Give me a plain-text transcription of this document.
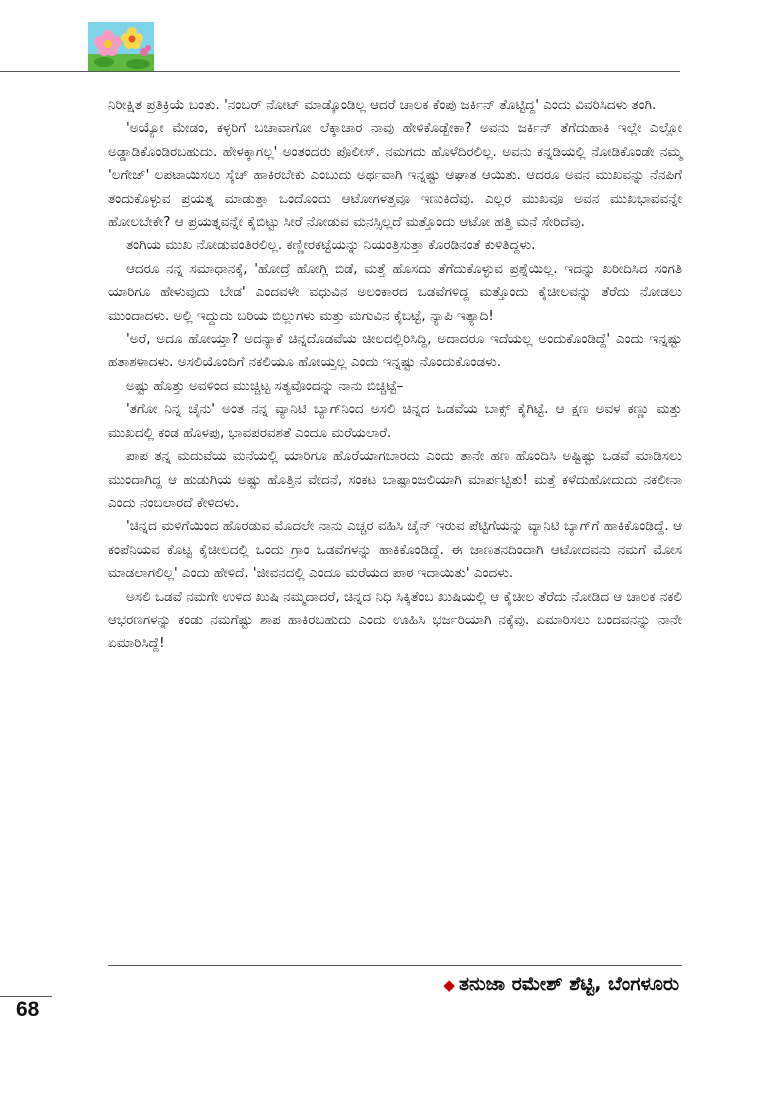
ನಿರೀಕ್ಷಿತ ಪ್ರತಿಕ್ರಿಯೆ ಬಂತು. 'ನಂಬರ್ ನೋಟ್ ಮಾಡ್ಕೊಂಡಿಲ್ಲ ಆದರೆ ಚಾಲಕ ಕೆಂಪು ಜರ್ಕಿನ್ ತೊಟ್ಟಿದ್ದ' ಎಂದು ವಿವರಿಸಿದಳು ತಂಗಿ.

'ಅಯ್ಯೋ ಮೇಡಂ, ಕಳ್ಳರಿಗೆ ಬಚಾವಾಗೋ ಲೆಕ್ಕಾಚಾರ ನಾವು ಹೇಳಿಕೊಡ್ಬೇಕಾ? ಅವನು ಜರ್ಕಿನ್ ತೆಗೆದುಹಾಕಿ ಇಲ್ಲೇ ಎಲ್ಲೋ ಅಡ್ಡಾಡಿಕೊಂಡಿರಬಹುದು. ಹೇಳಕ್ಕಾಗಲ್ಲ' ಅಂತಂದರು ಪೊಲೀಸ್. ನಮಗದು ಹೊಳೆದಿರಲಿಲ್ಲ. ಅವನು ಕನ್ನಡಿಯಲ್ಲಿ ನೋಡಿಕೊಂಡೇ ನಮ್ಮ 'ಲಗೇಜ್' ಲಪಟಾಯಿಸಲು ಸ್ಕೆಚ್ ಹಾಕಿರಬೇಕು ಎಂಬುದು ಅರ್ಥವಾಗಿ ಇನ್ನಷ್ಟು ಆಘಾತ ಆಯಿತು. ಆದರೂ ಅವನ ಮುಖವನ್ನು ನೆನಪಿಗೆ ತಂದುಕೊಳ್ಳುವ ಪ್ರಯತ್ನ ಮಾಡುತ್ತಾ ಒಂದೊಂದು ಆಟೋಗಳತ್ತವೂ ಇಣುಕಿದೆವು. ಎಲ್ಲರ ಮುಖವೂ ಅವನ ಮುಖಭಾವವನ್ನೇ ಹೋಲಬೇಕೇ? ಆ ಪ್ರಯತ್ನವನ್ನೇ ಕೈಬಿಟ್ಟು ಸೀರೆ ನೋಡುವ ಮನಸ್ಸಿಲ್ಲದೆ ಮತ್ತೊಂದು ಆಟೋ ಹತ್ತಿ ಮನೆ ಸೇರಿದೆವು.

ತಂಗಿಯ ಮುಖ ನೋಡುವಂತಿರಲಿಲ್ಲ. ಕಣ್ಣೀರಕಟ್ಟೆಯನ್ನು ನಿಯಂತ್ರಿಸುತ್ತಾ ಕೊರಡಿನಂತೆ ಕುಳಿತಿದ್ದಳು.

ಆದರೂ ನನ್ನ ಸಮಾಧಾನಕ್ಕೆ, 'ಹೋದ್ರೆ ಹೋಗ್ಲಿ ಬಿಡೆ, ಮತ್ತೆ ಹೊಸದು ತೆಗೆದುಕೊಳ್ಳುವ ಪ್ರಶ್ನೆಯಿಲ್ಲ. ಇದನ್ನು ಖರೀದಿಸಿದ ಸಂಗತಿ ಯಾರಿಗೂ ಹೇಳುವುದು ಬೇಡ' ಎಂದವಳೇ ವಧುವಿನ ಅಲಂಕಾರದ ಒಡವೆಗಳಿದ್ದ ಮತ್ತೊಂದು ಕೈಚೀಲವನ್ನು ತೆರೆದು ನೋಡಲು ಮುಂದಾದಳು. ಅಲ್ಲಿ ಇದ್ದುದು ಬರಿಯ ಬಿಲ್ಲುಗಳು ಮತ್ತು ಮಗುವಿನ ಕೈಬಟ್ಟೆ, ನ್ಯಾಪಿ ಇತ್ಯಾದಿ!

'ಅರೆ, ಅದೂ ಹೋಯ್ತಾ? ಅದನ್ಯಾಕೆ ಚಿನ್ನದೊಡವೆಯ ಚೀಲದಲ್ಲಿರಿಸಿದ್ದಿ, ಅದಾದರೂ ಇದೆಯಲ್ಲ ಅಂದುಕೊಂಡಿದ್ದೆ' ಎಂದು ಇನ್ನಷ್ಟು ಹತಾಶಳಾದಳು. ಅಸಲಿಯೊಂದಿಗೆ ನಕಲಿಯೂ ಹೋಯ್ತಲ್ಲ ಎಂದು ಇನ್ನಷ್ಟು ನೊಂದುಕೊಂಡಳು.

ಅಷ್ಟು ಹೊತ್ತು ಅವಳಿಂದ ಮುಚ್ಚಿಟ್ಟ ಸತ್ಯವೊಂದನ್ನು ನಾನು ಬಿಚ್ಚಿಟ್ಟೆ–

'ತಗೋ ನಿನ್ನ ಚೈನು' ಅಂತ ನನ್ನ ವ್ಯಾನಿಟಿ ಬ್ಯಾಗ್‌ನಿಂದ ಅಸಲಿ ಚಿನ್ನದ ಒಡವೆಯ ಬಾಕ್ಸ್ ಕೈಗಿಟ್ಟೆ. ಆ ಕ್ಷಣ ಅವಳ ಕಣ್ಣು ಮತ್ತು ಮುಖದಲ್ಲಿ ಕಂಡ ಹೊಳಪು, ಭಾವಪರವಶತೆ ಎಂದೂ ಮರೆಯಲಾರೆ.

ಪಾಪ ತನ್ನ ಮದುವೆಯ ಮನೆಯಲ್ಲಿ ಯಾರಿಗೂ ಹೊರೆಯಾಗಬಾರದು ಎಂದು ತಾನೇ ಹಣ ಹೊಂದಿಸಿ ಅಷ್ಟಿಷ್ಟು ಒಡವೆ ಮಾಡಿಸಲು ಮುಂದಾಗಿದ್ದ ಆ ಹುಡುಗಿಯ ಅಷ್ಟು ಹೊತ್ತಿನ ವೇದನೆ, ಸಂಕಟ ಬಾಷ್ಪಾಂಜಲಿಯಾಗಿ ಮಾರ್ಪಟ್ಟಿತು! ಮತ್ತೆ ಕಳೆದುಹೋದುದು ನಕಲೀನಾ ಎಂದು ನಂಬಲಾರದೆ ಕೇಳಿದಳು.

'ಚಿನ್ನದ ಮಳಿಗೆಯಿಂದ ಹೊರಡುವ ಮೊದಲೇ ನಾನು ಎಚ್ಚರ ವಹಿಸಿ ಚೈನ್ ಇರುವ ಪೆಟ್ಟಿಗೆಯನ್ನು ವ್ಯಾನಿಟಿ ಬ್ಯಾಗ್‌ಗೆ ಹಾಕಿಕೊಂಡಿದ್ದೆ. ಆ ಕಂಪೆನಿಯವ ಕೊಟ್ಟ ಕೈಚೀಲದಲ್ಲಿ ಒಂದು ಗ್ರಾಂ ಒಡವೆಗಳನ್ನು ಹಾಕಿಕೊಂಡಿದ್ದೆ. ಈ ಜಾಣತನದಿಂದಾಗಿ ಆಟೋದವನು ನಮಗೆ ಮೋಸ ಮಾಡಲಾಗಲಿಲ್ಲ' ಎಂದು ಹೇಳಿದೆ. 'ಜೀವನದಲ್ಲಿ ಎಂದೂ ಮರೆಯದ ಪಾಠ ಇದಾಯಿತು' ಎಂದಳು.

ಅಸಲಿ ಒಡವೆ ನಮಗೇ ಉಳಿದ ಖುಷಿ ನಮ್ಮದಾದರೆ, ಚಿನ್ನದ ನಿಧಿ ಸಿಕ್ಕಿತೆಂಬ ಖುಷಿಯಲ್ಲಿ ಆ ಕೈಚೀಲ ತೆರೆದು ನೋಡಿದ ಆ ಚಾಲಕ ನಕಲಿ ಆಭರಣಗಳನ್ನು ಕಂಡು ನಮಗೆಷ್ಟು ಶಾಪ ಹಾಕಿರಬಹುದು ಎಂದು ಊಹಿಸಿ ಭರ್ಜರಿಯಾಗಿ ನಕ್ಕೆವು. ಏಮಾರಿಸಲು ಬಂದವನನ್ನು ನಾನೇ ಏಮಾರಿಸಿದ್ದೆ!

◆ ತನುಜಾ ರಮೇಶ್ ಶೆಟ್ಟಿ, ಬೆಂಗಳೂರು
68
